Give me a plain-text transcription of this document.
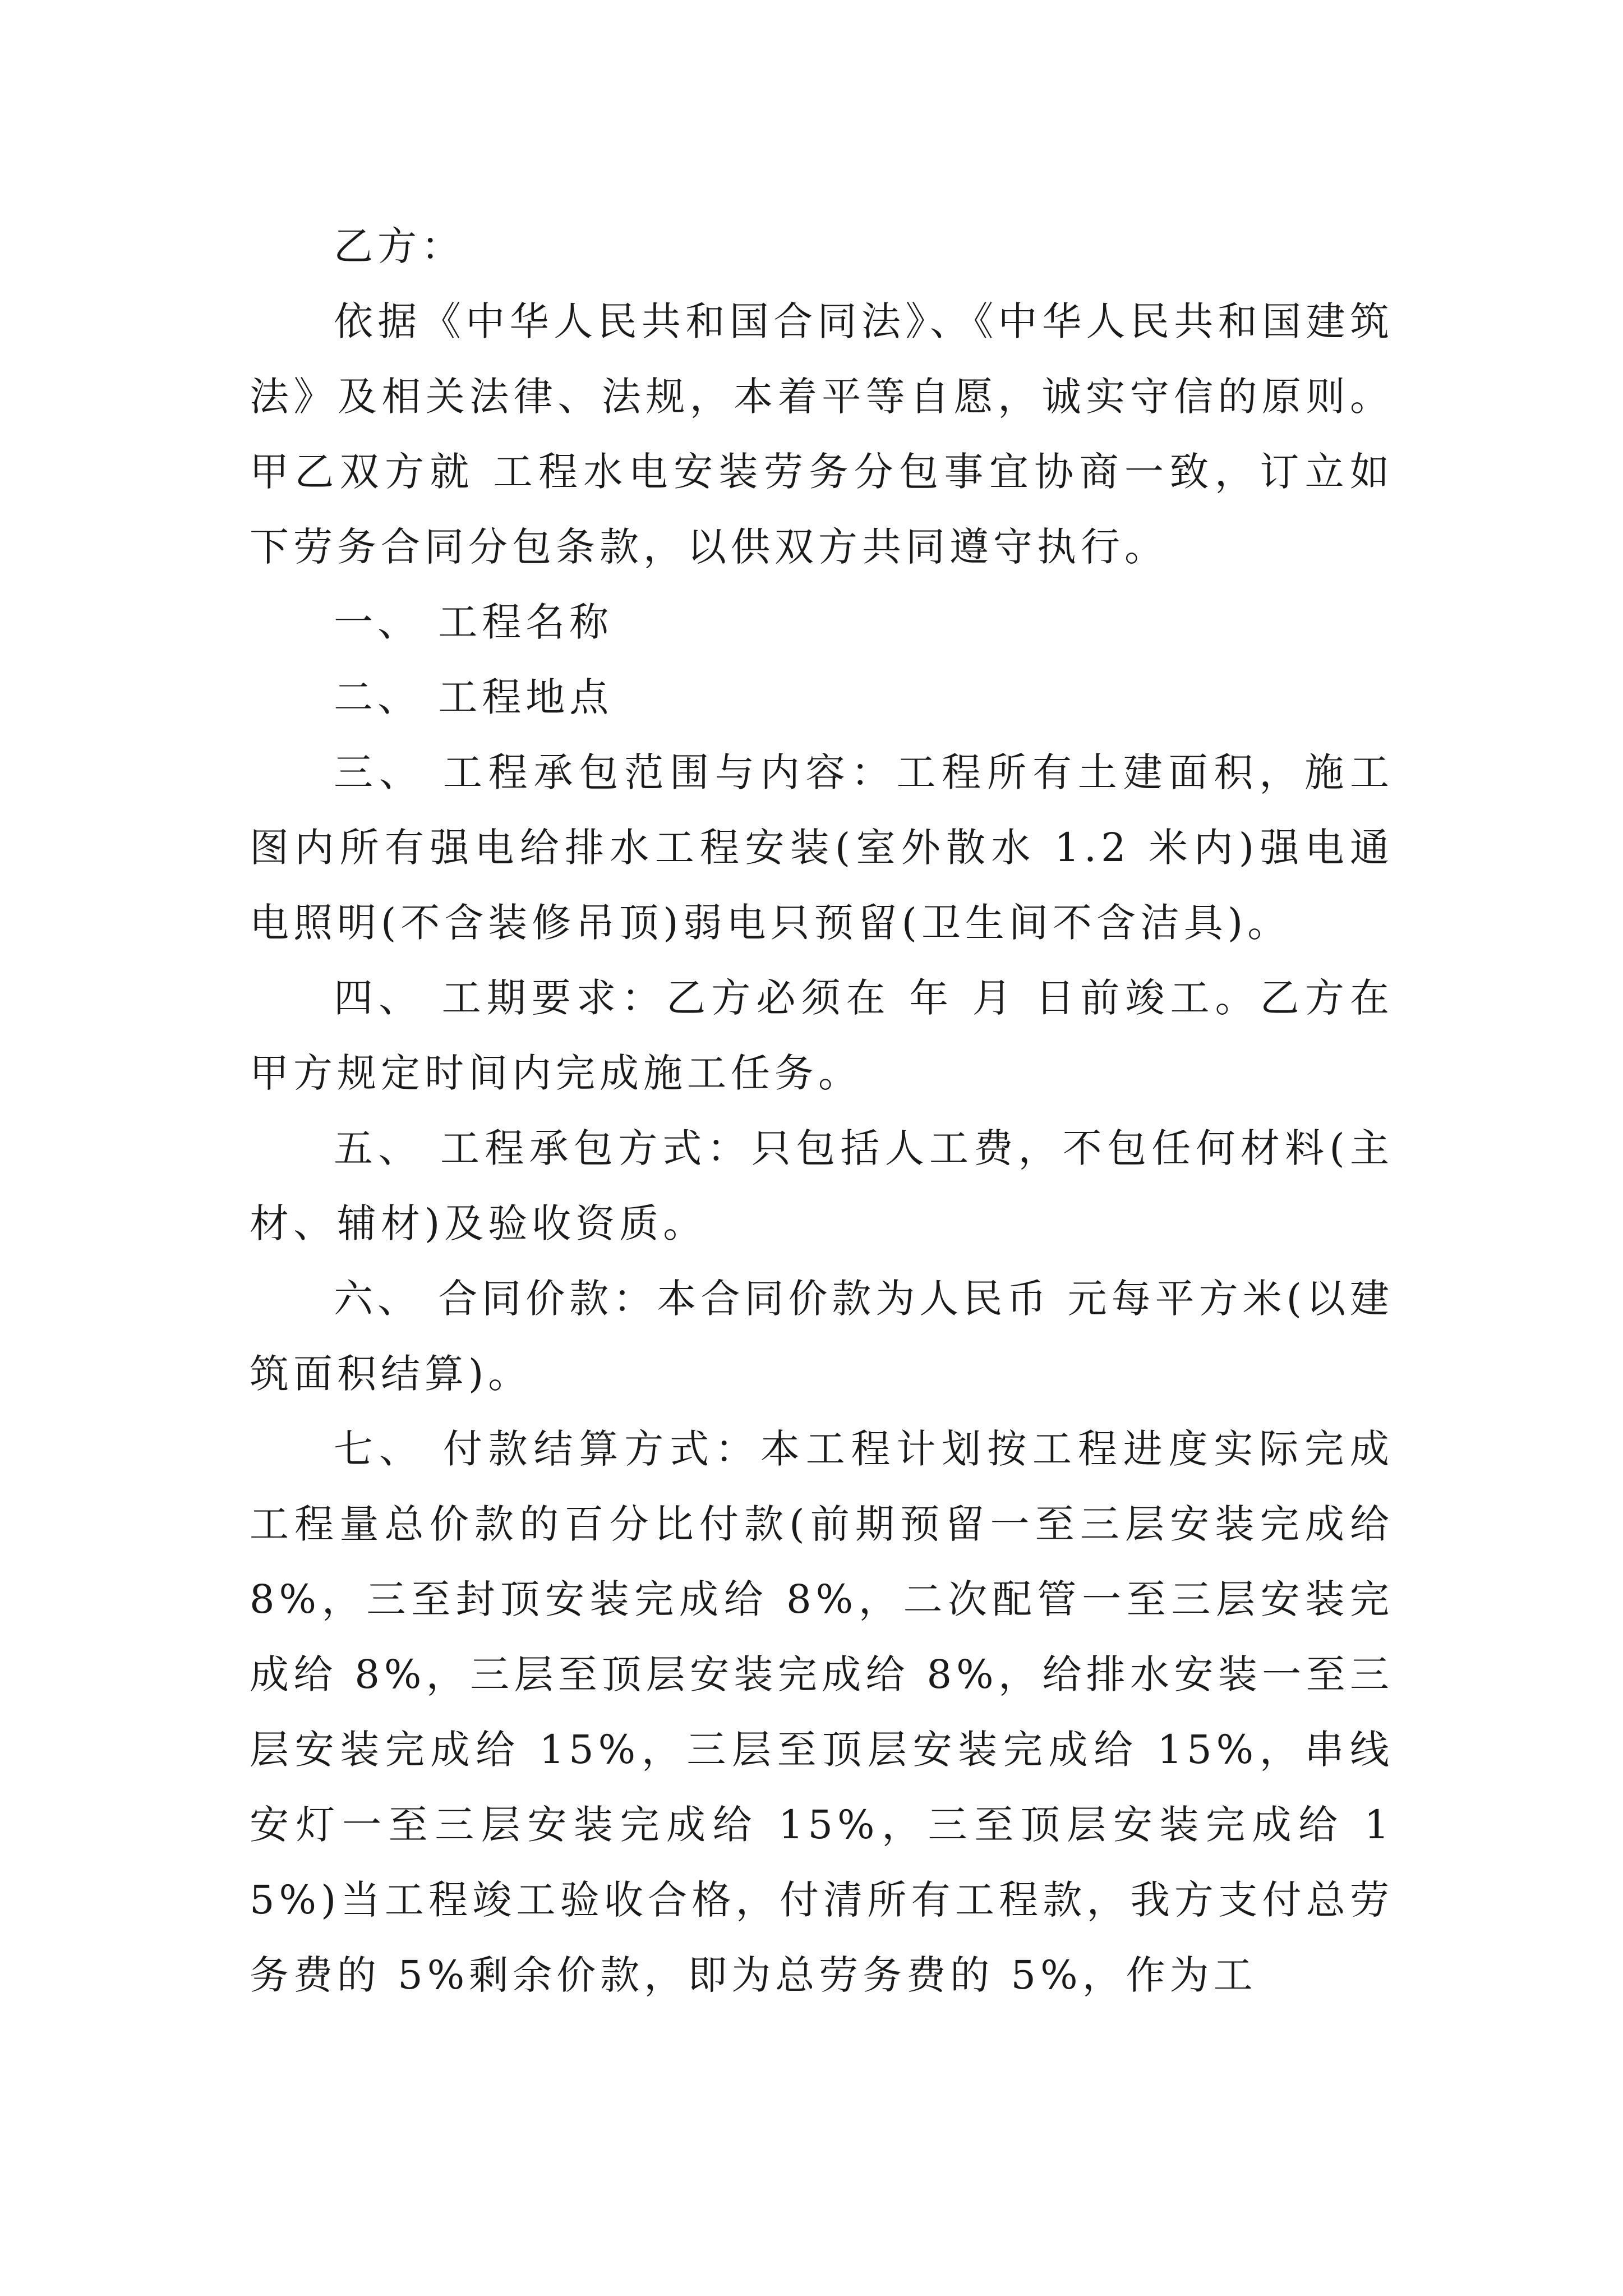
乙方：

依据《中华人民共和国合同法》、《中华人民共和国建筑法》及相关法律、法规，本着平等自愿，诚实守信的原则。甲乙双方就 工程水电安装劳务分包事宜协商一致，订立如下劳务合同分包条款，以供双方共同遵守执行。

一、 工程名称

二、 工程地点

三、 工程承包范围与内容：工程所有土建面积，施工图内所有强电给排水工程安装(室外散水 1.2 米内)强电通电照明(不含装修吊顶)弱电只预留(卫生间不含洁具)。

四、 工期要求：乙方必须在 年 月 日前竣工。乙方在甲方规定时间内完成施工任务。

五、 工程承包方式：只包括人工费，不包任何材料(主材、辅材)及验收资质。

六、 合同价款：本合同价款为人民币 元每平方米(以建筑面积结算)。

七、 付款结算方式：本工程计划按工程进度实际完成工程量总价款的百分比付款(前期预留一至三层安装完成给 8%，三至封顶安装完成给 8%，二次配管一至三层安装完成给 8%，三层至顶层安装完成给 8%，给排水安装一至三层安装完成给 15%，三层至顶层安装完成给 15%，串线安灯一至三层安装完成给 15%，三至顶层安装完成给 15%)当工程竣工验收合格，付清所有工程款，我方支付总劳务费的 5%剩余价款，即为总劳务费的 5%，作为工
